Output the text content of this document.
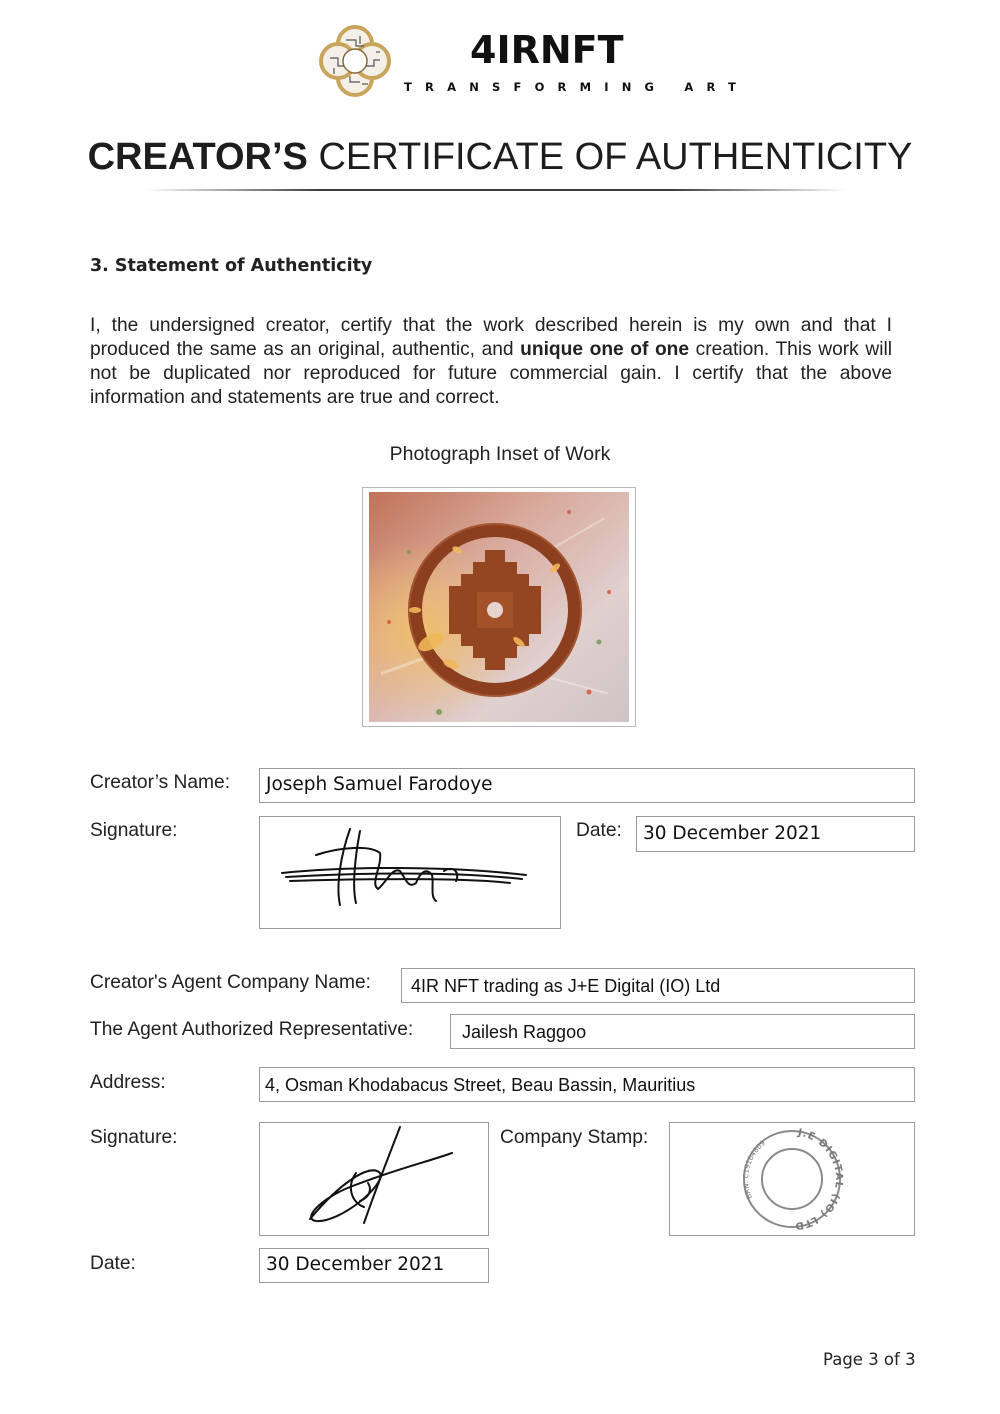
4IRNFT
TRANSFORMING ART
CREATOR’S CERTIFICATE OF AUTHENTICITY
3. Statement of Authenticity
I, the undersigned creator, certify that the work described herein is my own and that I produced the same as an original, authentic, and unique one of one creation. This work will not be duplicated nor reproduced for future commercial gain. I certify that the above information and statements are true and correct.
Photograph Inset of Work
Creator’s Name:	Joseph Samuel Farodoye
Signature:	Date:	30 December 2021
Creator's Agent Company Name:	4IR NFT trading as J+E Digital (IO) Ltd
The Agent Authorized Representative:	Jailesh Raggoo
Address:	4, Osman Khodabacus Street, Beau Bassin, Mauritius
Signature:	Company Stamp:	J.E DIGITAL (IO) LTD
BRN: C19164809
Date:	30 December 2021
Page 3 of 3
